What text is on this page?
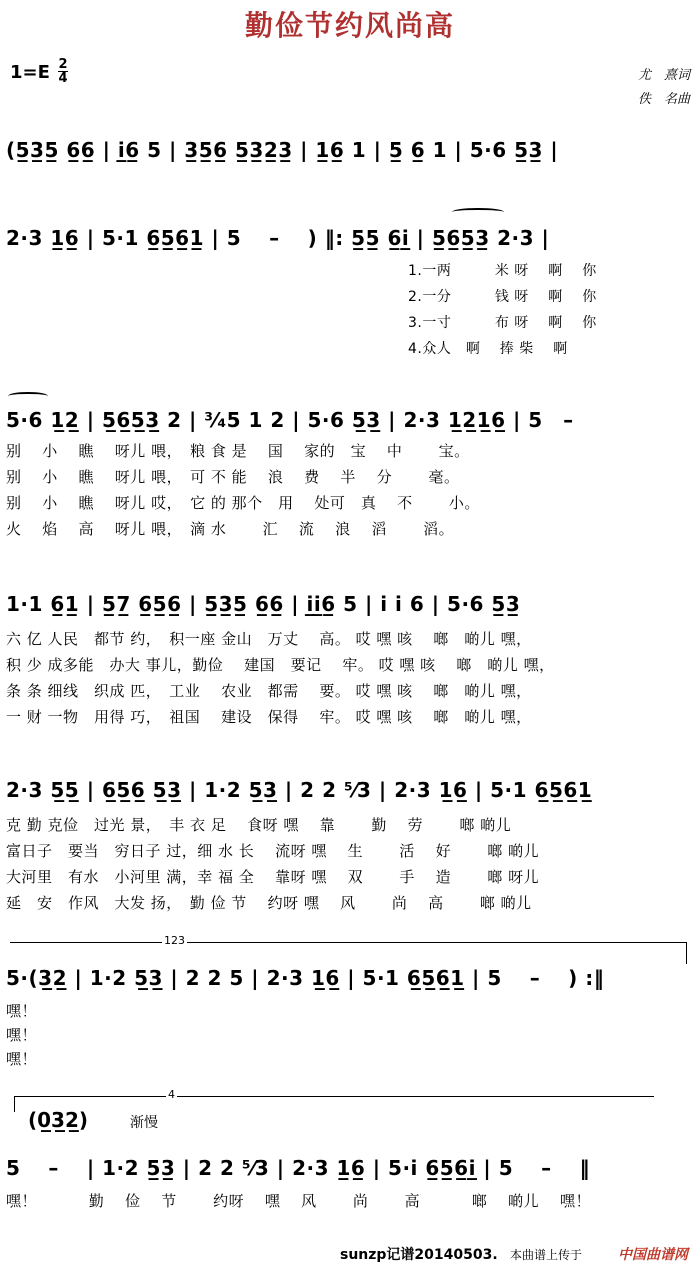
勤俭节约风尚高
$1=E \frac{2}{4}$	尤　熹词
佚　名曲
(5̲3̲5̲ 6̲6̲ | i̲6̲ 5 | 3̲5̲6̲ 5̲3̲2̲3̲ | 1̲6̲ 1 | 5̲ 6̲ 1 | 5·6 5̲3̲ |
2·3 1̲6̲ | 5·1 6̲5̲6̲1̲ | 5　 –　 ) ‖: 5̲5̲ 6̲i̲ | 5̲6̲5̲3̲ 2·3 |
1.一两　　　米 呀　 啊　 你
2.一分　　　钱 呀　 啊　 你
3.一寸　　　布 呀　 啊　 你
4.众人　啊　 捧 柴　 啊
5·6 1̲2̲ | 5̲6̲5̲3̲ 2 | ³⁄₄5 1 2 | 5·6 5̲3̲ | 2·3 1̲2̲1̲6̲ | 5　–
别　 小　 瞧　 呀儿 喂，　粮 食 是　 国　 家的　宝　 中　　 宝。
别　 小　 瞧　 呀儿 喂，　可 不 能　 浪　 费　 半　 分　　 毫。
别　 小　 瞧　 呀儿 哎，　它 的 那个　用　 处可　真　 不　　 小。
火　 焰　 高　 呀儿 喂，　滴 水　　 汇　 流　 浪　 滔　　 滔。
1·1 6̲1̲ | 5̲7̲ 6̲5̲6̲ | 5̲3̲5̲ 6̲6̲ | i̲i̲6̲ 5 | i i 6 | 5·6 5̲3̲
六 亿 人民　都节 约，　积一座 金山　万丈　 高。 哎 嘿 咳　 啷　啲儿 嘿，
积 少 成多能　办大 事儿，勤俭　 建国　要记　 牢。 哎 嘿 咳　 啷　啲儿 嘿，
条 条 细线　织成 匹，　工业　 农业　都需　 要。 哎 嘿 咳　 啷　啲儿 嘿，
一 财 一物　用得 巧，　祖国　 建设　保得　 牢。 哎 嘿 咳　 啷　啲儿 嘿，
2·3 5̲5̲ | 6̲5̲6̲ 5̲3̲ | 1·2 5̲3̲ | 2 2 ⁵⁄3 | 2·3 1̲6̲ | 5·1 6̲5̲6̲1̲
克 勤 克俭　过光 景，　丰 衣 足　 食呀 嘿　 靠　　 勤　 劳　　 啷 啲儿
富日子　要当　穷日子 过，细 水 长　 流呀 嘿　 生　　 活　 好　　 啷 啲儿
大河里　有水　小河里 满，幸 福 全　 靠呀 嘿　 双　　 手　 造　　 啷 呀儿
延　安　作风　大发 扬，　勤 俭 节　 约呀 嘿　 风　　 尚　 高　　 啷 啲儿
123
5·(3̲2̲ | 1·2 5̲3̲ | 2 2 5 | 2·3 1̲6̲ | 5·1 6̲5̲6̲1̲ | 5　 –　 ) :‖
嘿！
嘿！
嘿！
4
(0̲3̲2̲)	渐慢
5　 –　 | 1·2 5̲3̲ | 2 2 ⁵⁄3 | 2·3 1̲6̲ | 5·i 6̲5̲6̲i̲ | 5　 –　 ‖
嘿！　　　 勤　 俭　 节　　 约呀　 嘿　 风　　 尚　　 高　　　 啷　 啲儿　 嘿！
sunzp记谱20140503. 本曲谱上传于	中国曲谱网
